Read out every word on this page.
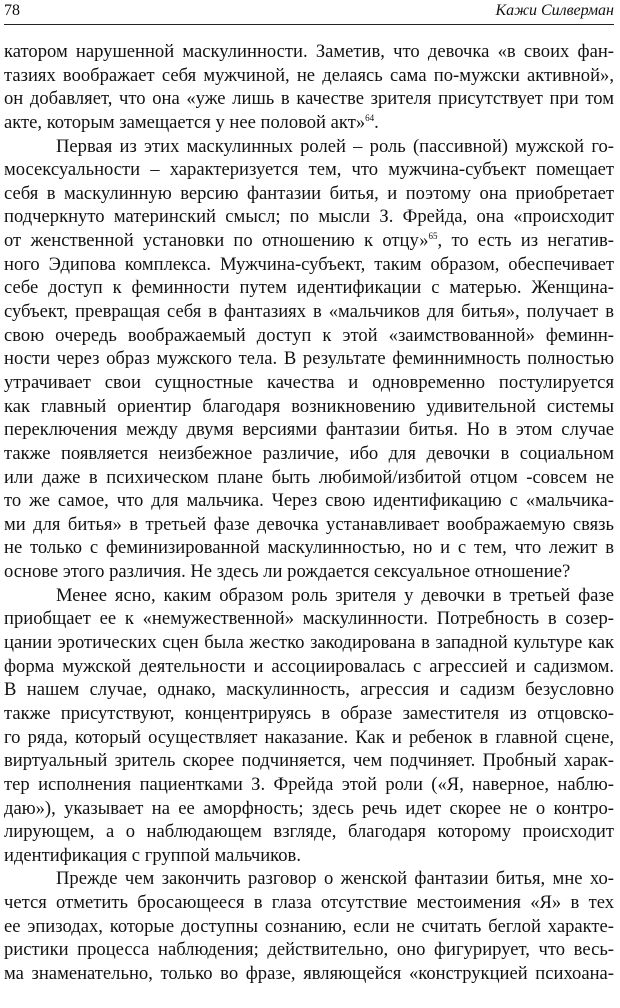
78	Кажи Силверман
катором нарушенной маскулинности. Заметив, что девочка «в своих фан-
тазиях воображает себя мужчиной, не делаясь сама по-мужски активной»,
он добавляет, что она «уже лишь в качестве зрителя присутствует при том
акте, которым замещается у нее половой акт»$^{64}$.
Первая из этих маскулинных ролей – роль (пассивной) мужской го-
мосексуальности – характеризуется тем, что мужчина-субъект помещает
себя в маскулинную версию фантазии битья, и поэтому она приобретает
подчеркнуто материнский смысл; по мысли З. Фрейда, она «происходит
от женственной установки по отношению к отцу»$^{65}$, то есть из негатив-
ного Эдипова комплекса. Мужчина-субъект, таким образом, обеспечивает
себе доступ к феминности путем идентификации с матерью. Женщина-
субъект, превращая себя в фантазиях в «мальчиков для битья», получает в
свою очередь воображаемый доступ к этой «заимствованной» феминн-
ности через образ мужского тела. В результате феминнимность полностью
утрачивает свои сущностные качества и одновременно постулируется
как главный ориентир благодаря возникновению удивительной системы
переключения между двумя версиями фантазии битья. Но в этом случае
также появляется неизбежное различие, ибо для девочки в социальном
или даже в психическом плане быть любимой/избитой отцом -совсем не
то же самое, что для мальчика. Через свою идентификацию с «мальчика-
ми для битья» в третьей фазе девочка устанавливает воображаемую связь
не только с феминизированной маскулинностью, но и с тем, что лежит в
основе этого различия. Не здесь ли рождается сексуальное отношение?
Менее ясно, каким образом роль зрителя у девочки в третьей фазе
приобщает ее к «немужественной» маскулинности. Потребность в созер-
цании эротических сцен была жестко закодирована в западной культуре как
форма мужской деятельности и ассоциировалась с агрессией и садизмом.
В нашем случае, однако, маскулинность, агрессия и садизм безусловно
также присутствуют, концентрируясь в образе заместителя из отцовско-
го ряда, который осуществляет наказание. Как и ребенок в главной сцене,
виртуальный зритель скорее подчиняется, чем подчиняет. Пробный харак-
тер исполнения пациентками З. Фрейда этой роли («Я, наверное, наблю-
даю»), указывает на ее аморфность; здесь речь идет скорее не о контро-
лирующем, а о наблюдающем взгляде, благодаря которому происходит
идентификация с группой мальчиков.
Прежде чем закончить разговор о женской фантазии битья, мне хо-
чется отметить бросающееся в глаза отсутствие местоимения «Я» в тех
ее эпизодах, которые доступны сознанию, если не считать беглой характе-
ристики процесса наблюдения; действительно, оно фигурирует, что весь-
ма знаменательно, только во фразе, являющейся «конструкцией психоана-
